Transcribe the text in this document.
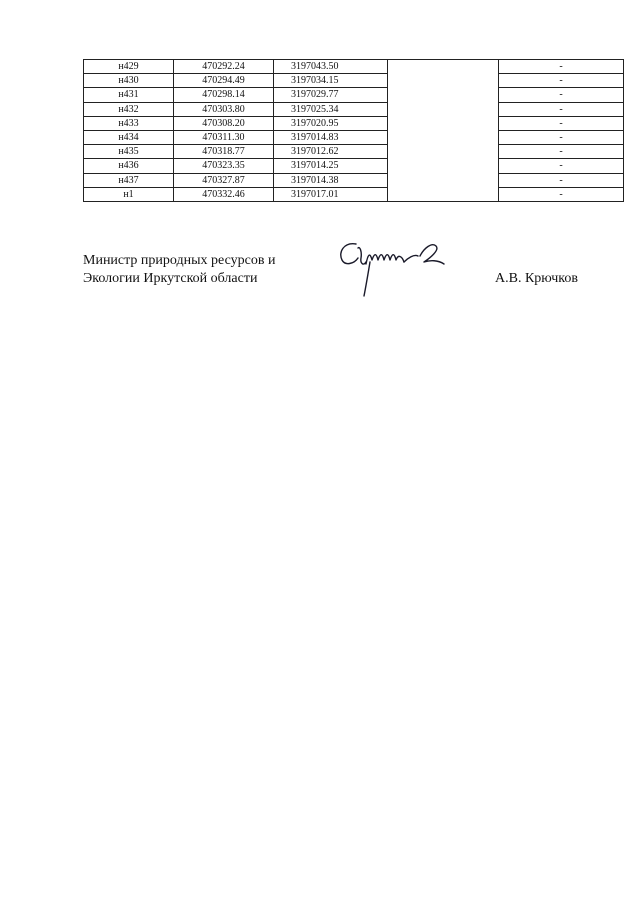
н429	470292.24	3197043.50		-
н430	470294.49	3197034.15		-
н431	470298.14	3197029.77		-
н432	470303.80	3197025.34		-
н433	470308.20	3197020.95		-
н434	470311.30	3197014.83		-
н435	470318.77	3197012.62		-
н436	470323.35	3197014.25		-
н437	470327.87	3197014.38		-
н1	470332.46	3197017.01		-
Министр природных ресурсов и
Экологии Иркутской области	А.В. Крючков
